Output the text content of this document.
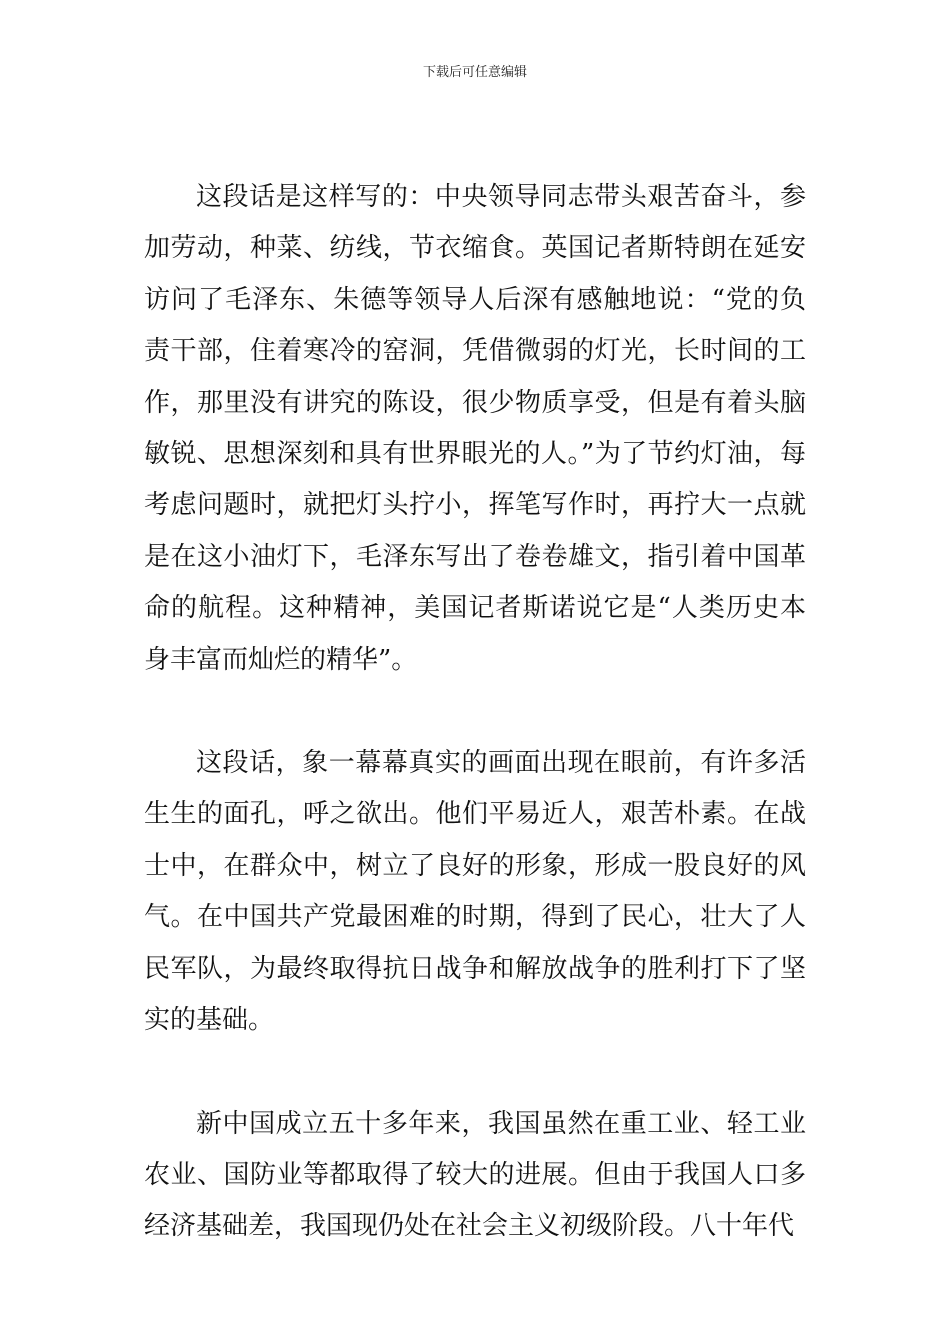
下载后可任意编辑

这段话是这样写的：中央领导同志带头艰苦奋斗，参加劳动，种菜、纺线，节衣缩食。英国记者斯特朗在延安访问了毛泽东、朱德等领导人后深有感触地说：“党的负责干部，住着寒冷的窑洞，凭借微弱的灯光，长时间的工作，那里没有讲究的陈设，很少物质享受，但是有着头脑敏锐、思想深刻和具有世界眼光的人。”为了节约灯油，每考虑问题时，就把灯头拧小，挥笔写作时，再拧大一点就是在这小油灯下，毛泽东写出了卷卷雄文，指引着中国革命的航程。这种精神，美国记者斯诺说它是“人类历史本身丰富而灿烂的精华”。

这段话，象一幕幕真实的画面出现在眼前，有许多活生生的面孔，呼之欲出。他们平易近人，艰苦朴素。在战士中，在群众中，树立了良好的形象，形成一股良好的风气。在中国共产党最困难的时期，得到了民心，壮大了人民军队，为最终取得抗日战争和解放战争的胜利打下了坚实的基础。

新中国成立五十多年来，我国虽然在重工业、轻工业农业、国防业等都取得了较大的进展。但由于我国人口多经济基础差，我国现仍处在社会主义初级阶段。八十年代
